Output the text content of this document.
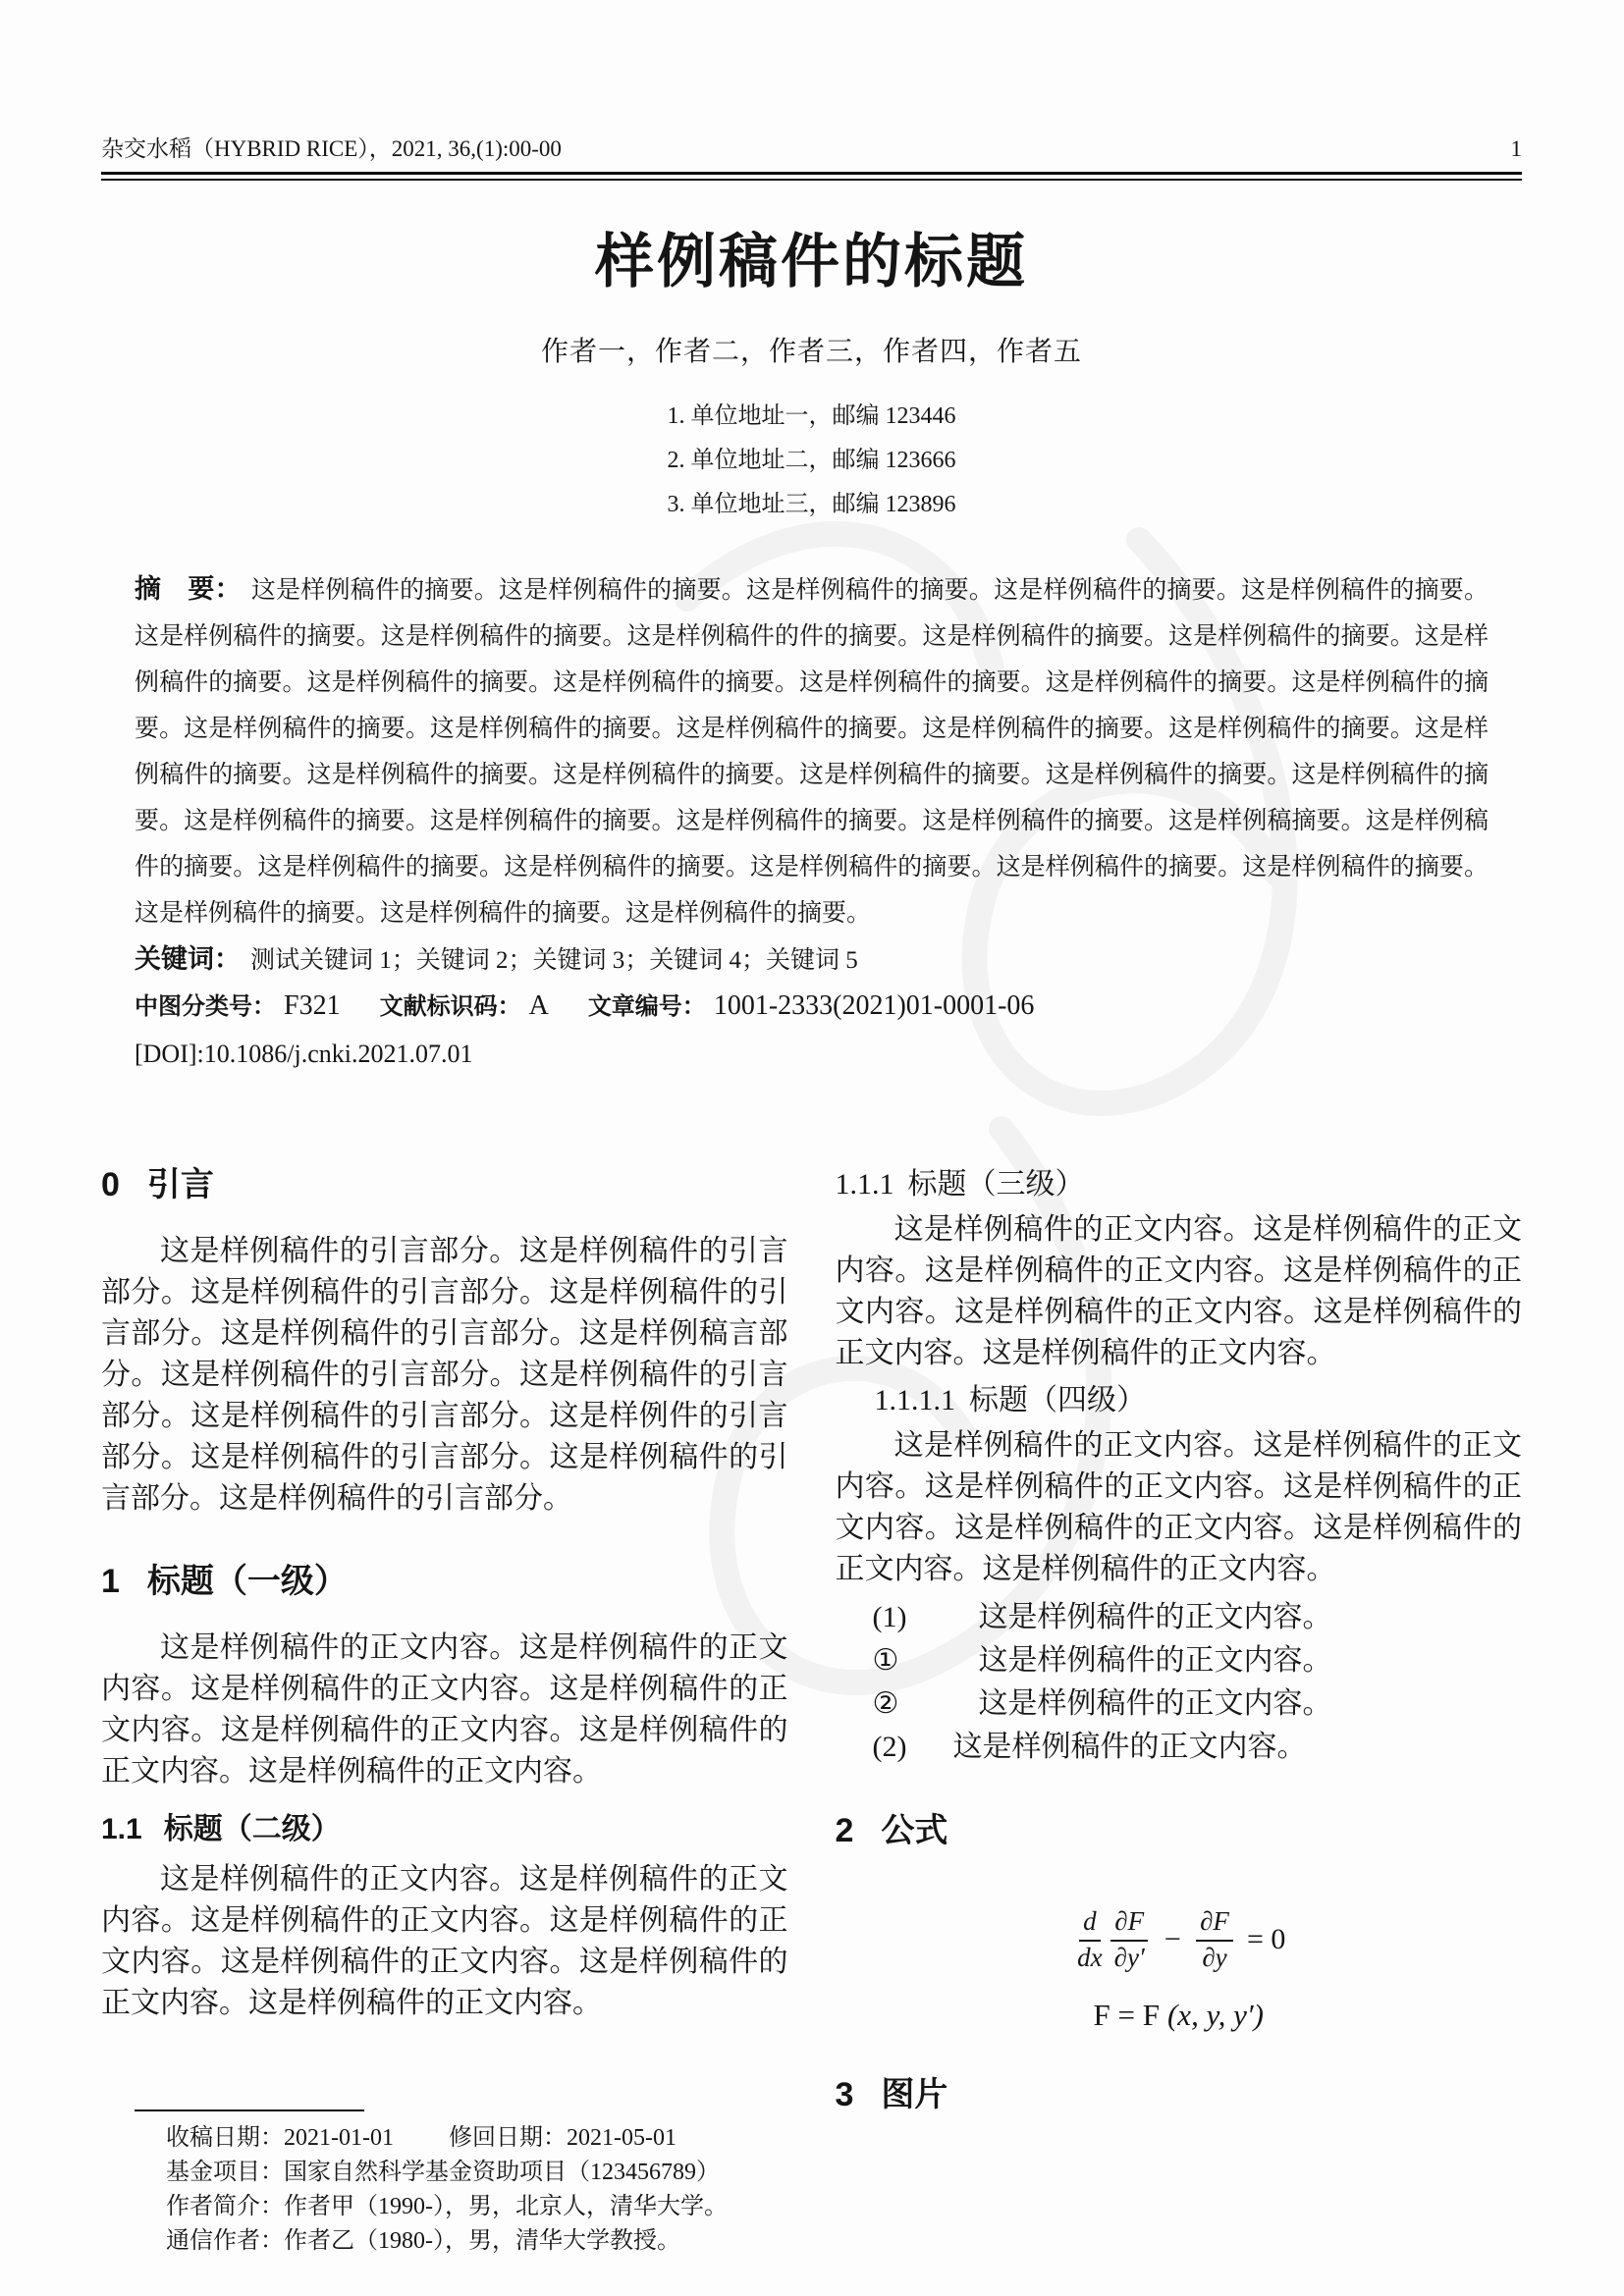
杂交水稻（HYBRID RICE），2021, 36,(1):00-00	1
样例稿件的标题
作者一，作者二，作者三，作者四，作者五
1. 单位地址一，邮编 123446
2. 单位地址二，邮编 123666
3. 单位地址三，邮编 123896

摘　要： 这是样例稿件的摘要。这是样例稿件的摘要。这是样例稿件的摘要。这是样例稿件的摘要。这是样例稿件的摘要。这是样例稿件的摘要。这是样例稿件的摘要。这是样例稿件的件的摘要。这是样例稿件的摘要。这是样例稿件的摘要。这是样例稿件的摘要。这是样例稿件的摘要。这是样例稿件的摘要。这是样例稿件的摘要。这是样例稿件的摘要。这是样例稿件的摘要。这是样例稿件的摘要。这是样例稿件的摘要。这是样例稿件的摘要。这是样例稿件的摘要。这是样例稿件的摘要。这是样例稿件的摘要。这是样例稿件的摘要。这是样例稿件的摘要。这是样例稿件的摘要。这是样例稿件的摘要。这是样例稿件的摘要。这是样例稿件的摘要。这是样例稿件的摘要。这是样例稿件的摘要。这是样例稿件的摘要。这是样例稿摘要。这是样例稿件的摘要。这是样例稿件的摘要。这是样例稿件的摘要。这是样例稿件的摘要。这是样例稿件的摘要。这是样例稿件的摘要。这是样例稿件的摘要。这是样例稿件的摘要。这是样例稿件的摘要。

关键词： 测试关键词 1；关键词 2；关键词 3；关键词 4；关键词 5

中图分类号： F321 文献标识码： A 文章编号： 1001-2333(2021)01-0001-06

[DOI]:10.1086/j.cnki.2021.07.01

0 引言

这是样例稿件的引言部分。这是样例稿件的引言部分。这是样例稿件的引言部分。这是样例稿件的引言部分。这是样例稿件的引言部分。这是样例稿言部分。这是样例稿件的引言部分。这是样例稿件的引言部分。这是样例稿件的引言部分。这是样例件的引言部分。这是样例稿件的引言部分。这是样例稿件的引言部分。这是样例稿件的引言部分。

1 标题（一级）

这是样例稿件的正文内容。这是样例稿件的正文内容。这是样例稿件的正文内容。这是样例稿件的正文内容。这是样例稿件的正文内容。这是样例稿件的正文内容。这是样例稿件的正文内容。

1.1 标题（二级）

这是样例稿件的正文内容。这是样例稿件的正文内容。这是样例稿件的正文内容。这是样例稿件的正文内容。这是样例稿件的正文内容。这是样例稿件的正文内容。这是样例稿件的正文内容。

收稿日期：2021-01-01 修回日期：2021-05-01
基金项目：国家自然科学基金资助项目（123456789）
作者简介：作者甲（1990-），男，北京人，清华大学。
通信作者：作者乙（1980-），男，清华大学教授。
1.1.1 标题（三级）

这是样例稿件的正文内容。这是样例稿件的正文内容。这是样例稿件的正文内容。这是样例稿件的正文内容。这是样例稿件的正文内容。这是样例稿件的正文内容。这是样例稿件的正文内容。

1.1.1.1 标题（四级）

这是样例稿件的正文内容。这是样例稿件的正文内容。这是样例稿件的正文内容。这是样例稿件的正文内容。这是样例稿件的正文内容。这是样例稿件的正文内容。这是样例稿件的正文内容。

(1)	这是样例稿件的正文内容。
①	这是样例稿件的正文内容。
②	这是样例稿件的正文内容。
(2)	这是样例稿件的正文内容。
2 公式
$\frac{d}{dx} \frac{\partial F}{\partial y'} - \frac{\partial F}{\partial y} = 0$
F = F (x, y, y′)
3 图片
